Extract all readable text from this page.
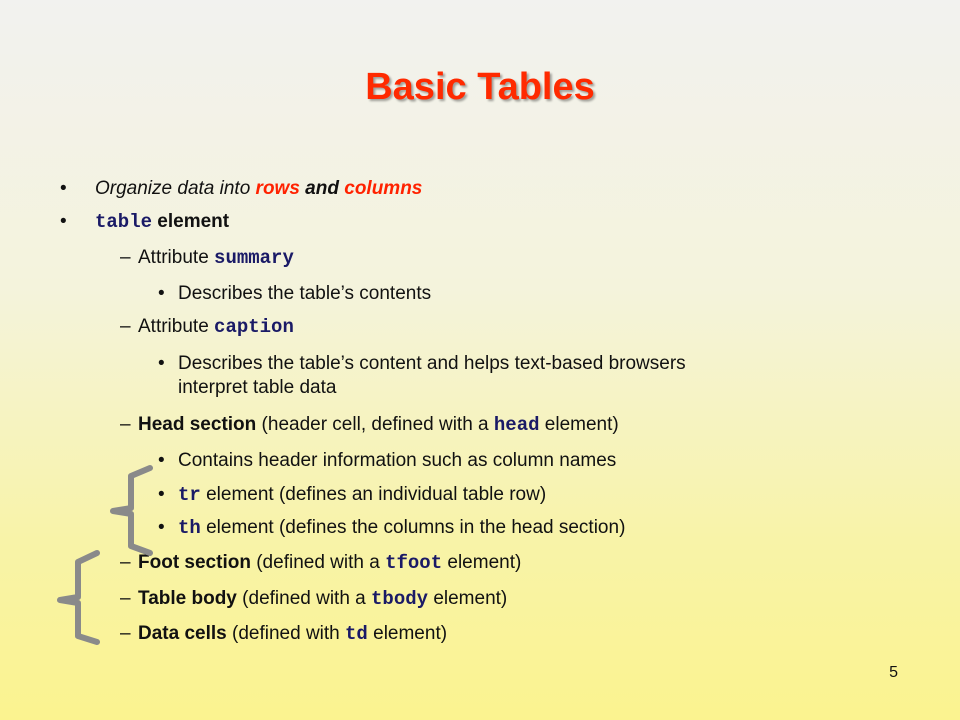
Basic Tables
• Organize data into rows and columns
• table element
– Attribute summary
• Describes the table’s contents
– Attribute caption
• Describes the table’s content and helps text-based browsers
interpret table data
– Head section (header cell, defined with a head element)
• Contains header information such as column names
• tr element (defines an individual table row)
• th element (defines the columns in the head section)
– Foot section (defined with a tfoot element)
– Table body (defined with a tbody element)
– Data cells (defined with td element)
5
